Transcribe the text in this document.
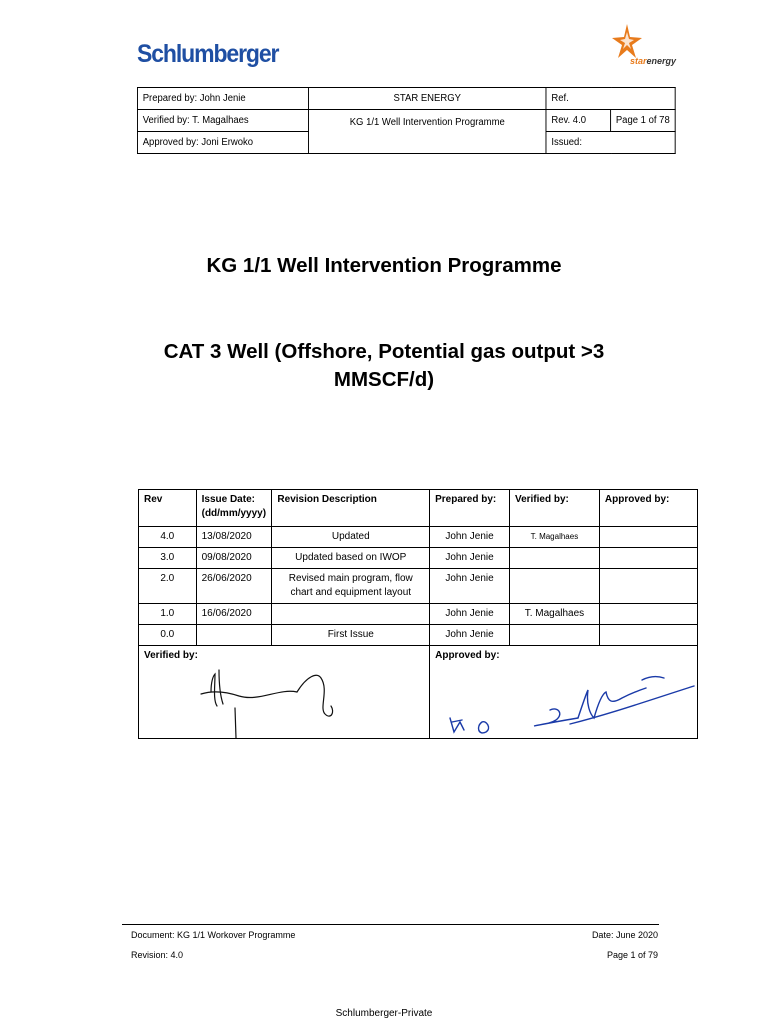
Schlumberger	starenergy
Prepared by: John Jenie	STAR ENERGY	Ref.	
Verified by: T. Magalhaes	KG 1/1 Well Intervention Programme	Rev. 4.0	Page 1 of 78
Approved by: Joni Erwoko		Issued:	
KG 1/1 Well Intervention Programme
CAT 3 Well (Offshore, Potential gas output >3 MMSCF/d)
Rev	Issue Date: (dd/mm/yyyy)	Revision Description	Prepared by:	Verified by:	Approved by:
4.0	13/08/2020	Updated	John Jenie	T. Magalhaes	
3.0	09/08/2020	Updated based on IWOP	John Jenie		
2.0	26/06/2020	Revised main program, flow chart and equipment layout	John Jenie		
1.0	16/06/2020		John Jenie	T. Magalhaes	
0.0		First Issue	John Jenie		

Verified by:			Approved by:		
Document: KG 1/1 Workover Programme	Date: June 2020
Revision: 4.0	Page 1 of 79
Schlumberger-Private
